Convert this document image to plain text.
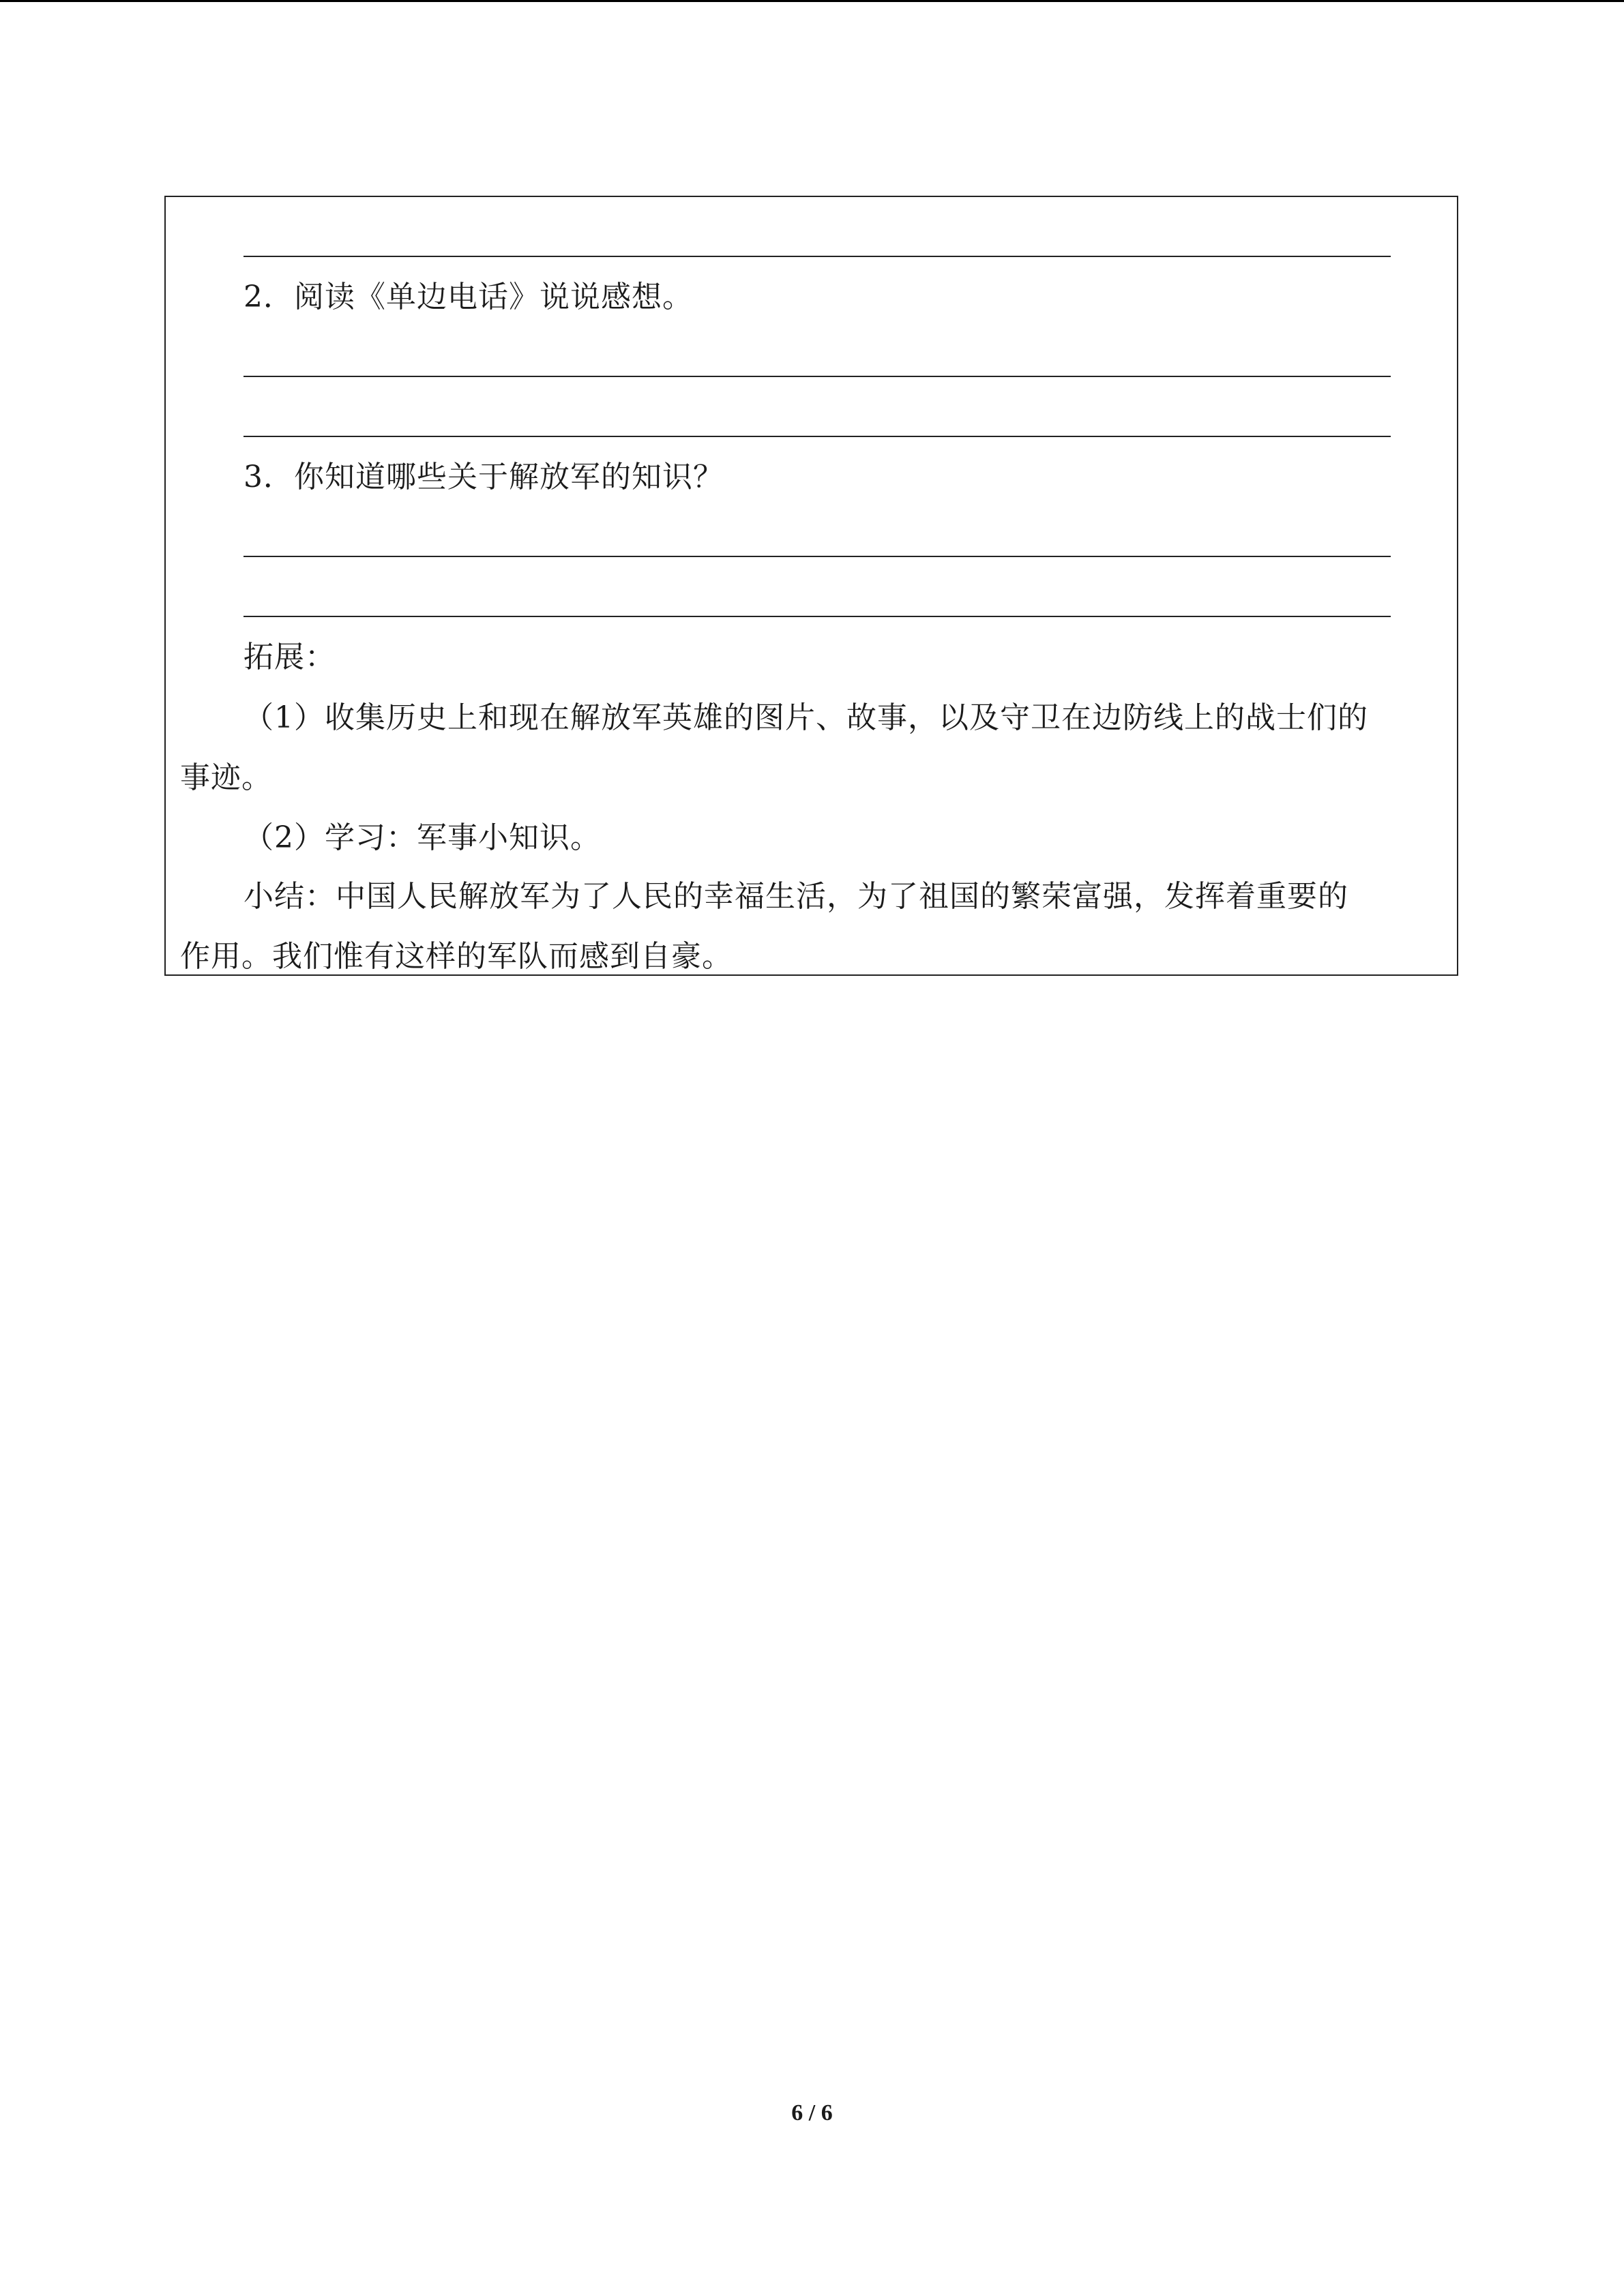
2．阅读《单边电话》说说感想。
3．你知道哪些关于解放军的知识？
拓展：
（1）收集历史上和现在解放军英雄的图片、故事，以及守卫在边防线上的战士们的
事迹。
（2）学习：军事小知识。
小结：中国人民解放军为了人民的幸福生活，为了祖国的繁荣富强，发挥着重要的
作用。我们惟有这样的军队而感到自豪。
6 / 6
